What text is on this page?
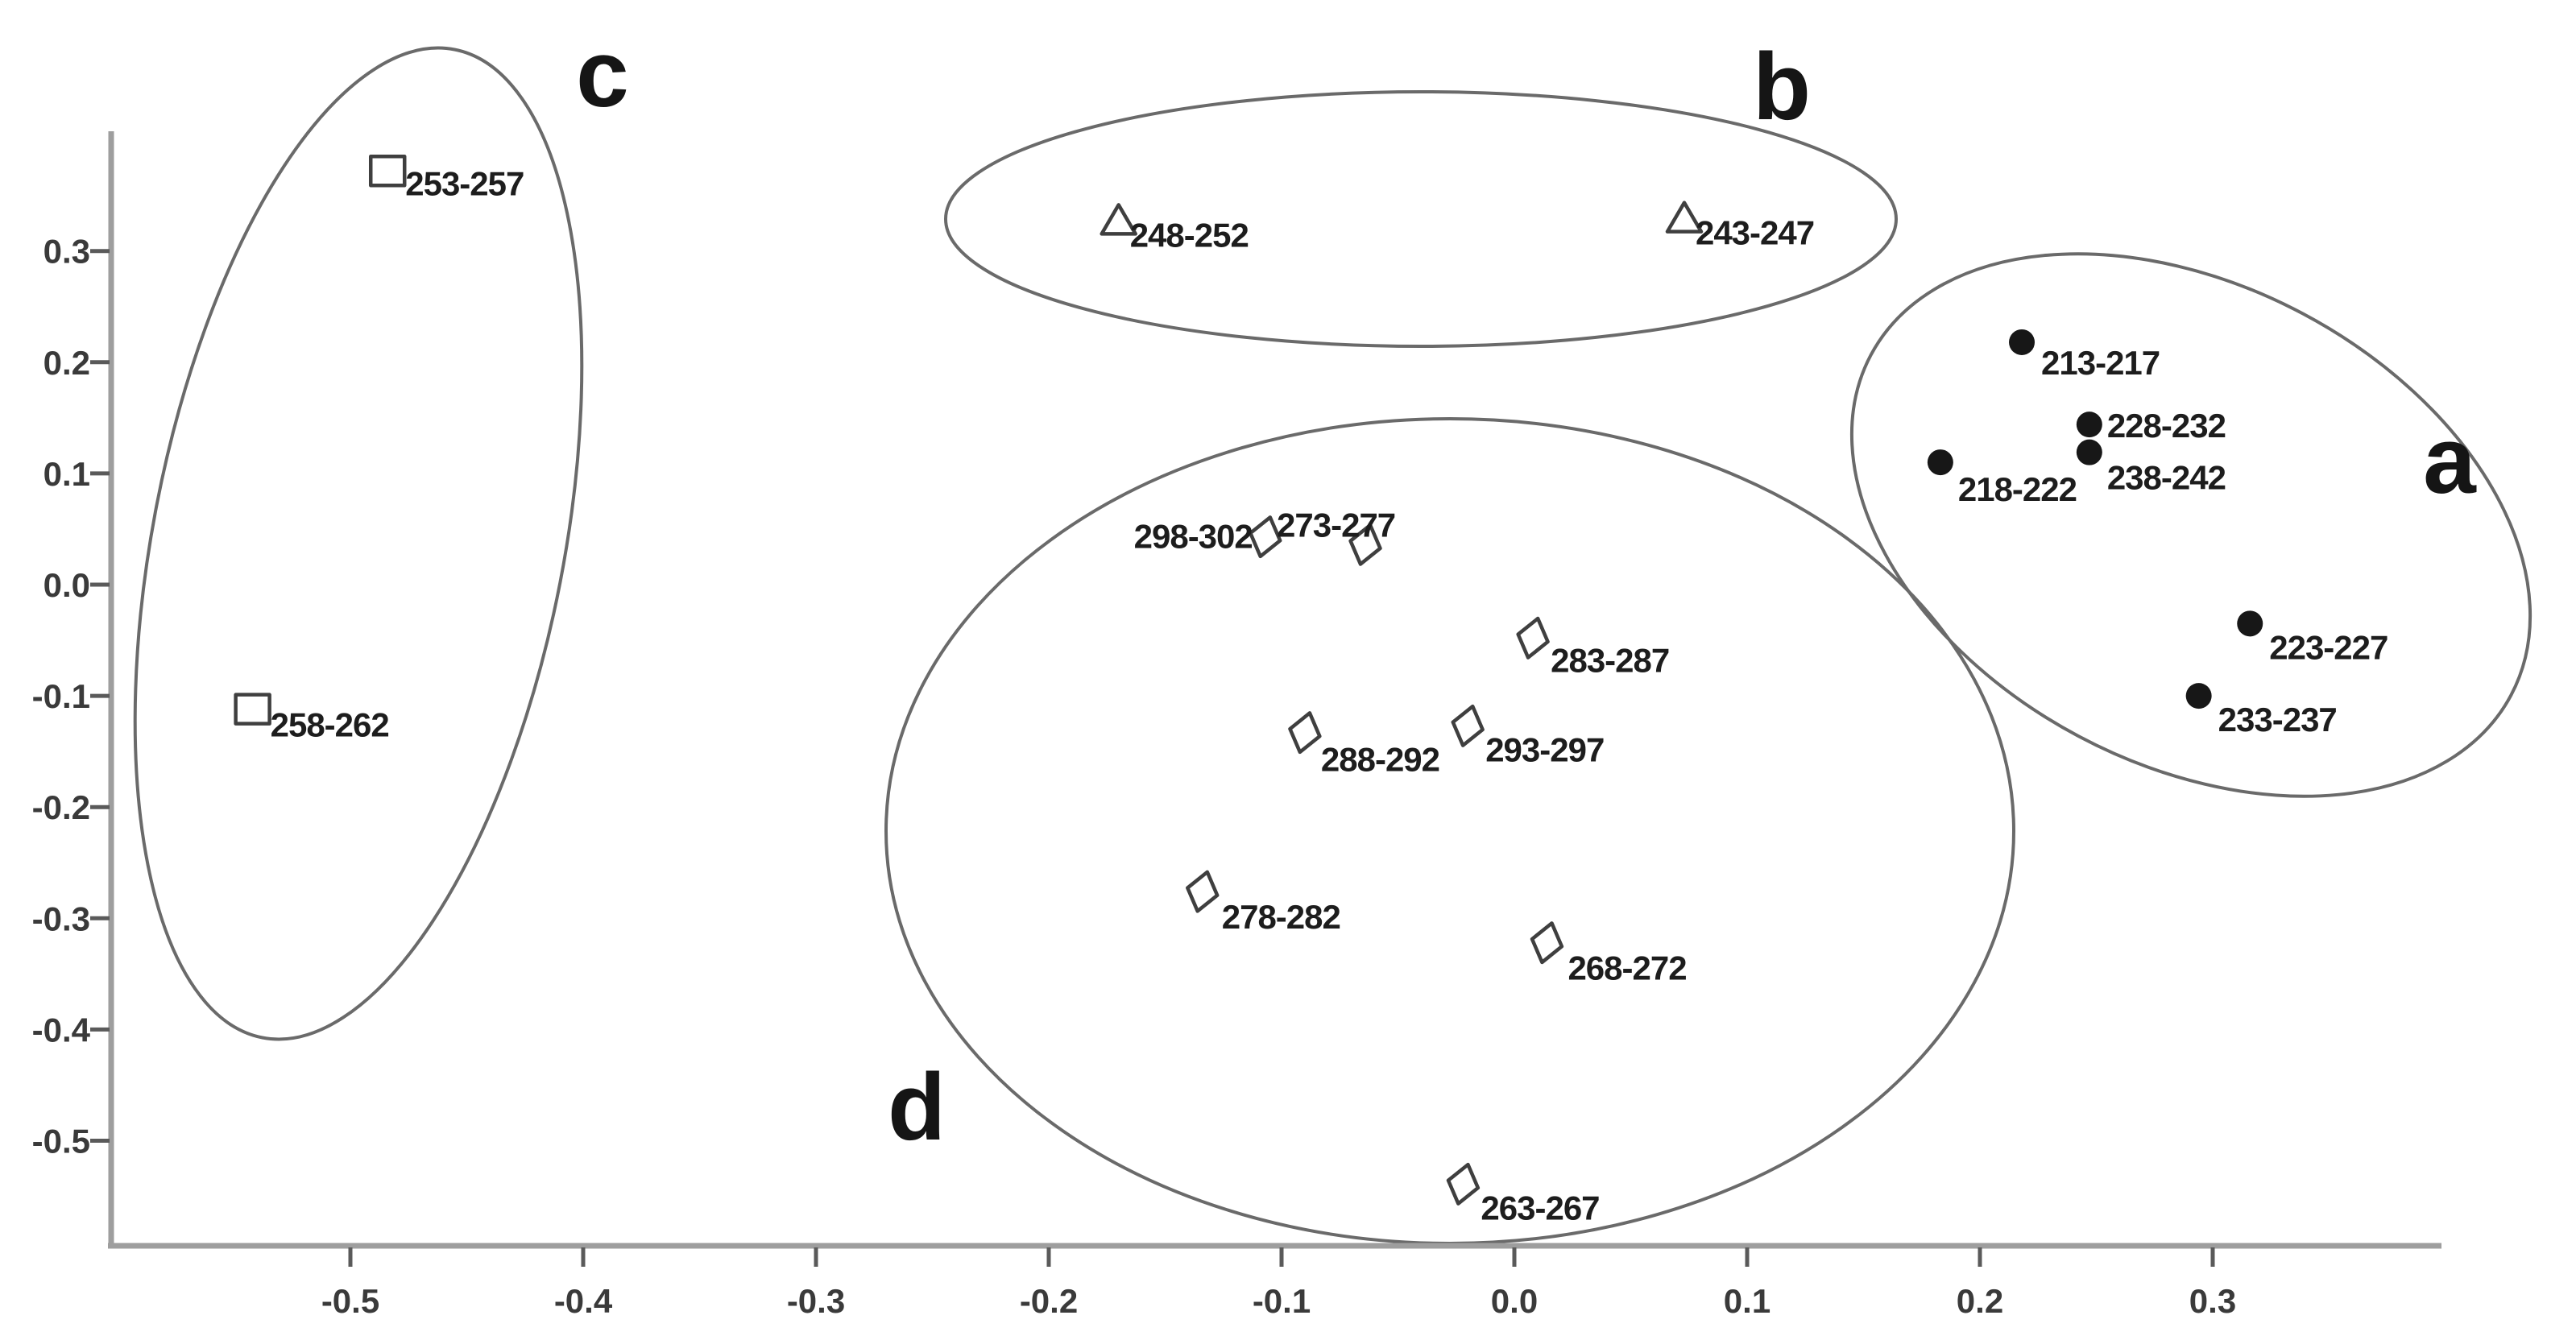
-0.5	-0.4	-0.3	-0.2	-0.1	0.0	0.1	0.2	0.3
0.3
0.2
0.1
0.0
-0.1
-0.2
-0.3
-0.4
-0.5
a
b
c
d
213-217
228-232
238-242
218-222
223-227
233-237
248-252	243-247
253-257
258-262
298-302 273-277
283-287
288-292 293-297
278-282
268-272
263-267
